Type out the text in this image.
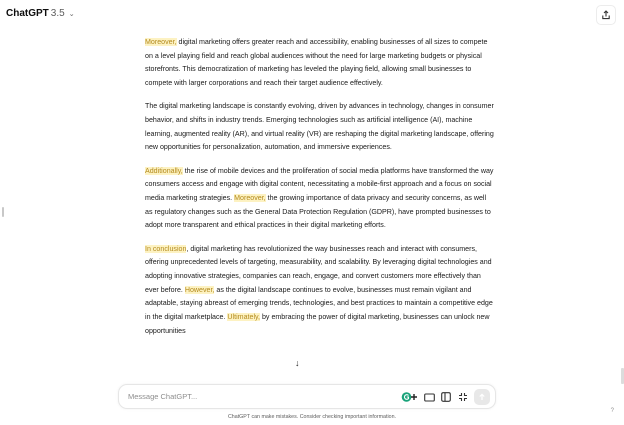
ChatGPT 3.5 ⌄

Moreover, digital marketing offers greater reach and accessibility, enabling businesses of all sizes to compete on a level playing field and reach global audiences without the need for large marketing budgets or physical storefronts. This democratization of marketing has leveled the playing field, allowing small businesses to compete with larger corporations and reach their target audience effectively.

The digital marketing landscape is constantly evolving, driven by advances in technology, changes in consumer behavior, and shifts in industry trends. Emerging technologies such as artificial intelligence (AI), machine learning, augmented reality (AR), and virtual reality (VR) are reshaping the digital marketing landscape, offering new opportunities for personalization, automation, and immersive experiences.

Additionally, the rise of mobile devices and the proliferation of social media platforms have transformed the way consumers access and engage with digital content, necessitating a mobile-first approach and a focus on social media marketing strategies. Moreover, the growing importance of data privacy and security concerns, as well as regulatory changes such as the General Data Protection Regulation (GDPR), have prompted businesses to adopt more transparent and ethical practices in their digital marketing efforts.

In conclusion, digital marketing has revolutionized the way businesses reach and interact with consumers, offering unprecedented levels of targeting, measurability, and scalability. By leveraging digital technologies and adopting innovative strategies, companies can reach, engage, and convert customers more effectively than ever before. However, as the digital landscape continues to evolve, businesses must remain vigilant and adaptable, staying abreast of emerging trends, technologies, and best practices to maintain a competitive edge in the digital marketplace. Ultimately, by embracing the power of digital marketing, businesses can unlock new opportunities

↓
Message ChatGPT...
ChatGPT can make mistakes. Consider checking important information.
?
